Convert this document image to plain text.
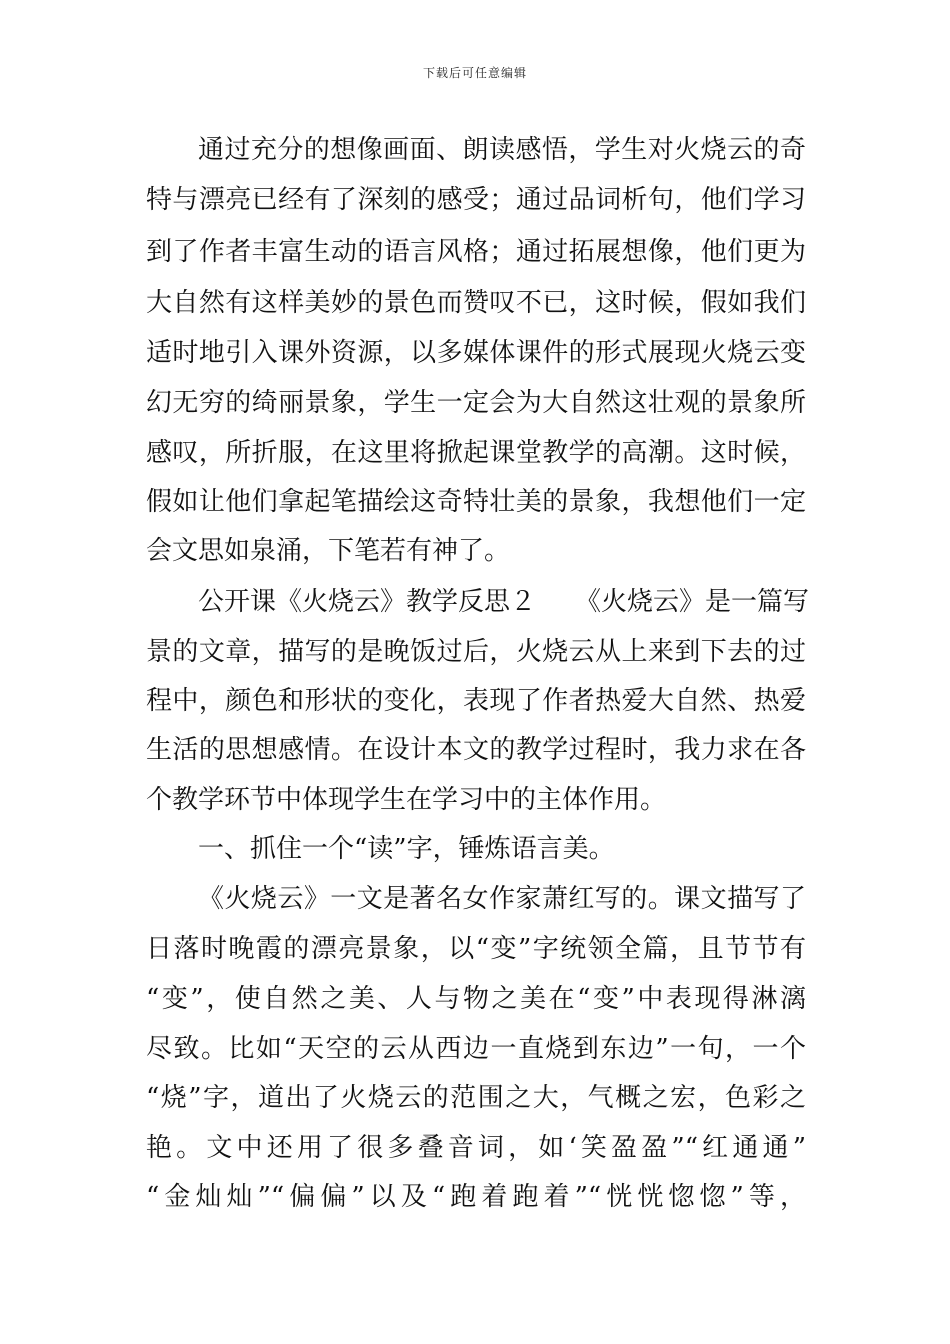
下载后可任意编辑
通过充分的想像画面、朗读感悟，学生对火烧云的奇
特与漂亮已经有了深刻的感受；通过品词析句，他们学习
到了作者丰富生动的语言风格；通过拓展想像，他们更为
大自然有这样美妙的景色而赞叹不已，这时候，假如我们
适时地引入课外资源，以多媒体课件的形式展现火烧云变
幻无穷的绮丽景象，学生一定会为大自然这壮观的景象所
感叹，所折服，在这里将掀起课堂教学的高潮。这时候，
假如让他们拿起笔描绘这奇特壮美的景象，我想他们一定
会文思如泉涌，下笔若有神了。
公开课《火烧云》教学反思２　　《火烧云》是一篇写
景的文章，描写的是晚饭过后，火烧云从上来到下去的过
程中，颜色和形状的变化，表现了作者热爱大自然、热爱
生活的思想感情。在设计本文的教学过程时，我力求在各
个教学环节中体现学生在学习中的主体作用。
一、抓住一个“读”字，锤炼语言美。
《火烧云》一文是著名女作家萧红写的。课文描写了
日落时晚霞的漂亮景象，以“变”字统领全篇，且节节有
“变”，使自然之美、人与物之美在“变”中表现得淋漓
尽致。比如“天空的云从西边一直烧到东边”一句，一个
“烧”字，道出了火烧云的范围之大，气概之宏，色彩之
艳。文中还用了很多叠音词，如‘笑盈盈”“红通通”
“金灿灿”“偏偏”以及“跑着跑着”“恍恍惚惚”等，
